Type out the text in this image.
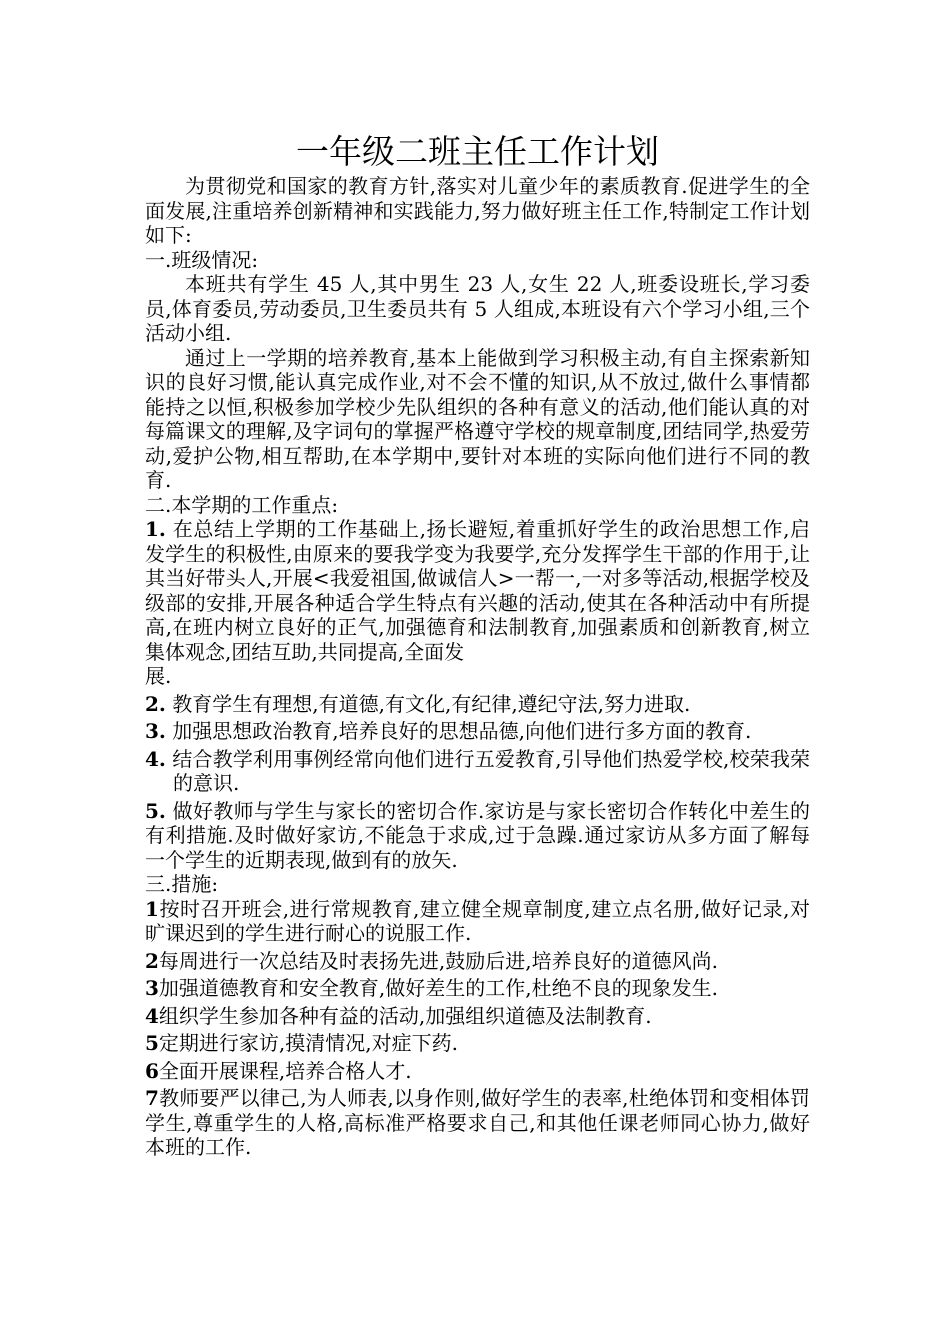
一年级二班主任工作计划

为贯彻党和国家的教育方针,落实对儿童少年的素质教育.促进学生的全面发展,注重培养创新精神和实践能力,努力做好班主任工作,特制定工作计划如下:

一.班级情况:

本班共有学生 45 人,其中男生 23 人,女生 22 人,班委设班长,学习委员,体育委员,劳动委员,卫生委员共有 5 人组成,本班设有六个学习小组,三个活动小组.

通过上一学期的培养教育,基本上能做到学习积极主动,有自主探索新知识的良好习惯,能认真完成作业,对不会不懂的知识,从不放过,做什么事情都能持之以恒,积极参加学校少先队组织的各种有意义的活动,他们能认真的对每篇课文的理解,及字词句的掌握严格遵守学校的规章制度,团结同学,热爱劳动,爱护公物,相互帮助,在本学期中,要针对本班的实际向他们进行不同的教育.

二.本学期的工作重点:

1. 在总结上学期的工作基础上,扬长避短,着重抓好学生的政治思想工作,启发学生的积极性,由原来的要我学变为我要学,充分发挥学生干部的作用于,让其当好带头人,开展<我爱祖国,做诚信人>一帮一,一对多等活动,根据学校及级部的安排,开展各种适合学生特点有兴趣的活动,使其在各种活动中有所提高,在班内树立良好的正气,加强德育和法制教育,加强素质和创新教育,树立集体观念,团结互助,共同提高,全面发

展.

2. 教育学生有理想,有道德,有文化,有纪律,遵纪守法,努力进取.

3. 加强思想政治教育,培养良好的思想品德,向他们进行多方面的教育.

4. 结合教学利用事例经常向他们进行五爱教育,引导他们热爱学校,校荣我荣的意识.

5. 做好教师与学生与家长的密切合作.家访是与家长密切合作转化中差生的有利措施.及时做好家访,不能急于求成,过于急躁.通过家访从多方面了解每一个学生的近期表现,做到有的放矢.

三.措施:

1按时召开班会,进行常规教育,建立健全规章制度,建立点名册,做好记录,对旷课迟到的学生进行耐心的说服工作.

2每周进行一次总结及时表扬先进,鼓励后进,培养良好的道德风尚.

3加强道德教育和安全教育,做好差生的工作,杜绝不良的现象发生.

4组织学生参加各种有益的活动,加强组织道德及法制教育.

5定期进行家访,摸清情况,对症下药.

6全面开展课程,培养合格人才.

7教师要严以律己,为人师表,以身作则,做好学生的表率,杜绝体罚和变相体罚学生,尊重学生的人格,高标准严格要求自己,和其他任课老师同心协力,做好本班的工作.
